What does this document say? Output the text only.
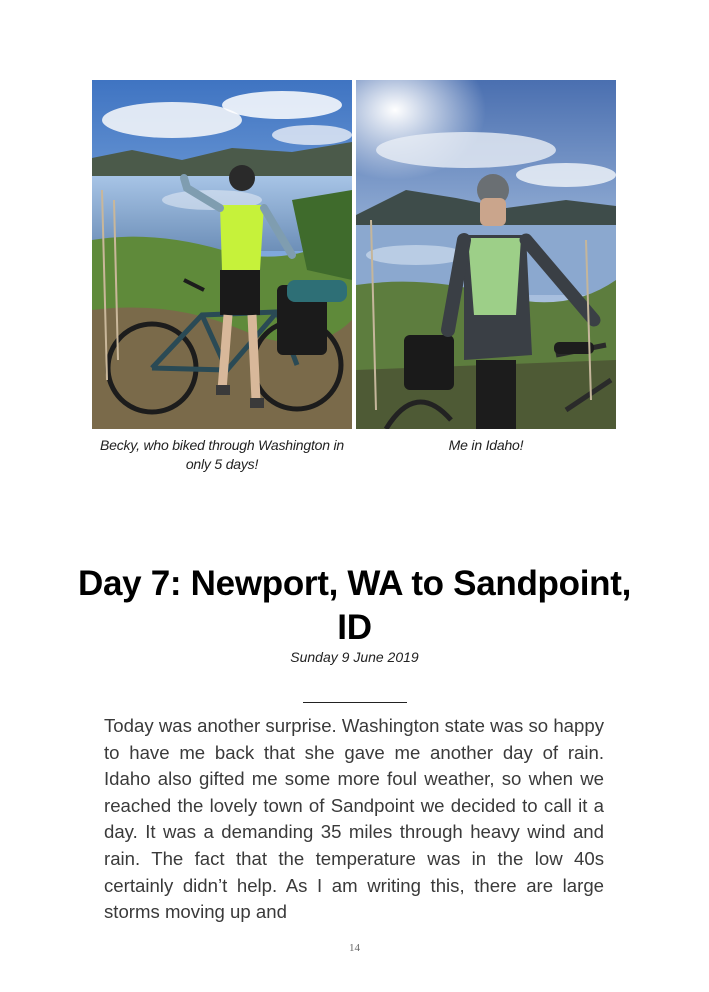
Becky, who biked through Washington in only 5 days!
Me in Idaho!
Day 7: Newport, WA to Sandpoint, ID
Sunday 9 June 2019

Today was another surprise. Washington state was so happy to have me back that she gave me another day of rain. Idaho also gifted me some more foul weather, so when we reached the lovely town of Sandpoint we decided to call it a day. It was a demanding 35 miles through heavy wind and rain. The fact that the temperature was in the low 40s certainly didn’t help. As I am writing this, there are large storms moving up and

14
